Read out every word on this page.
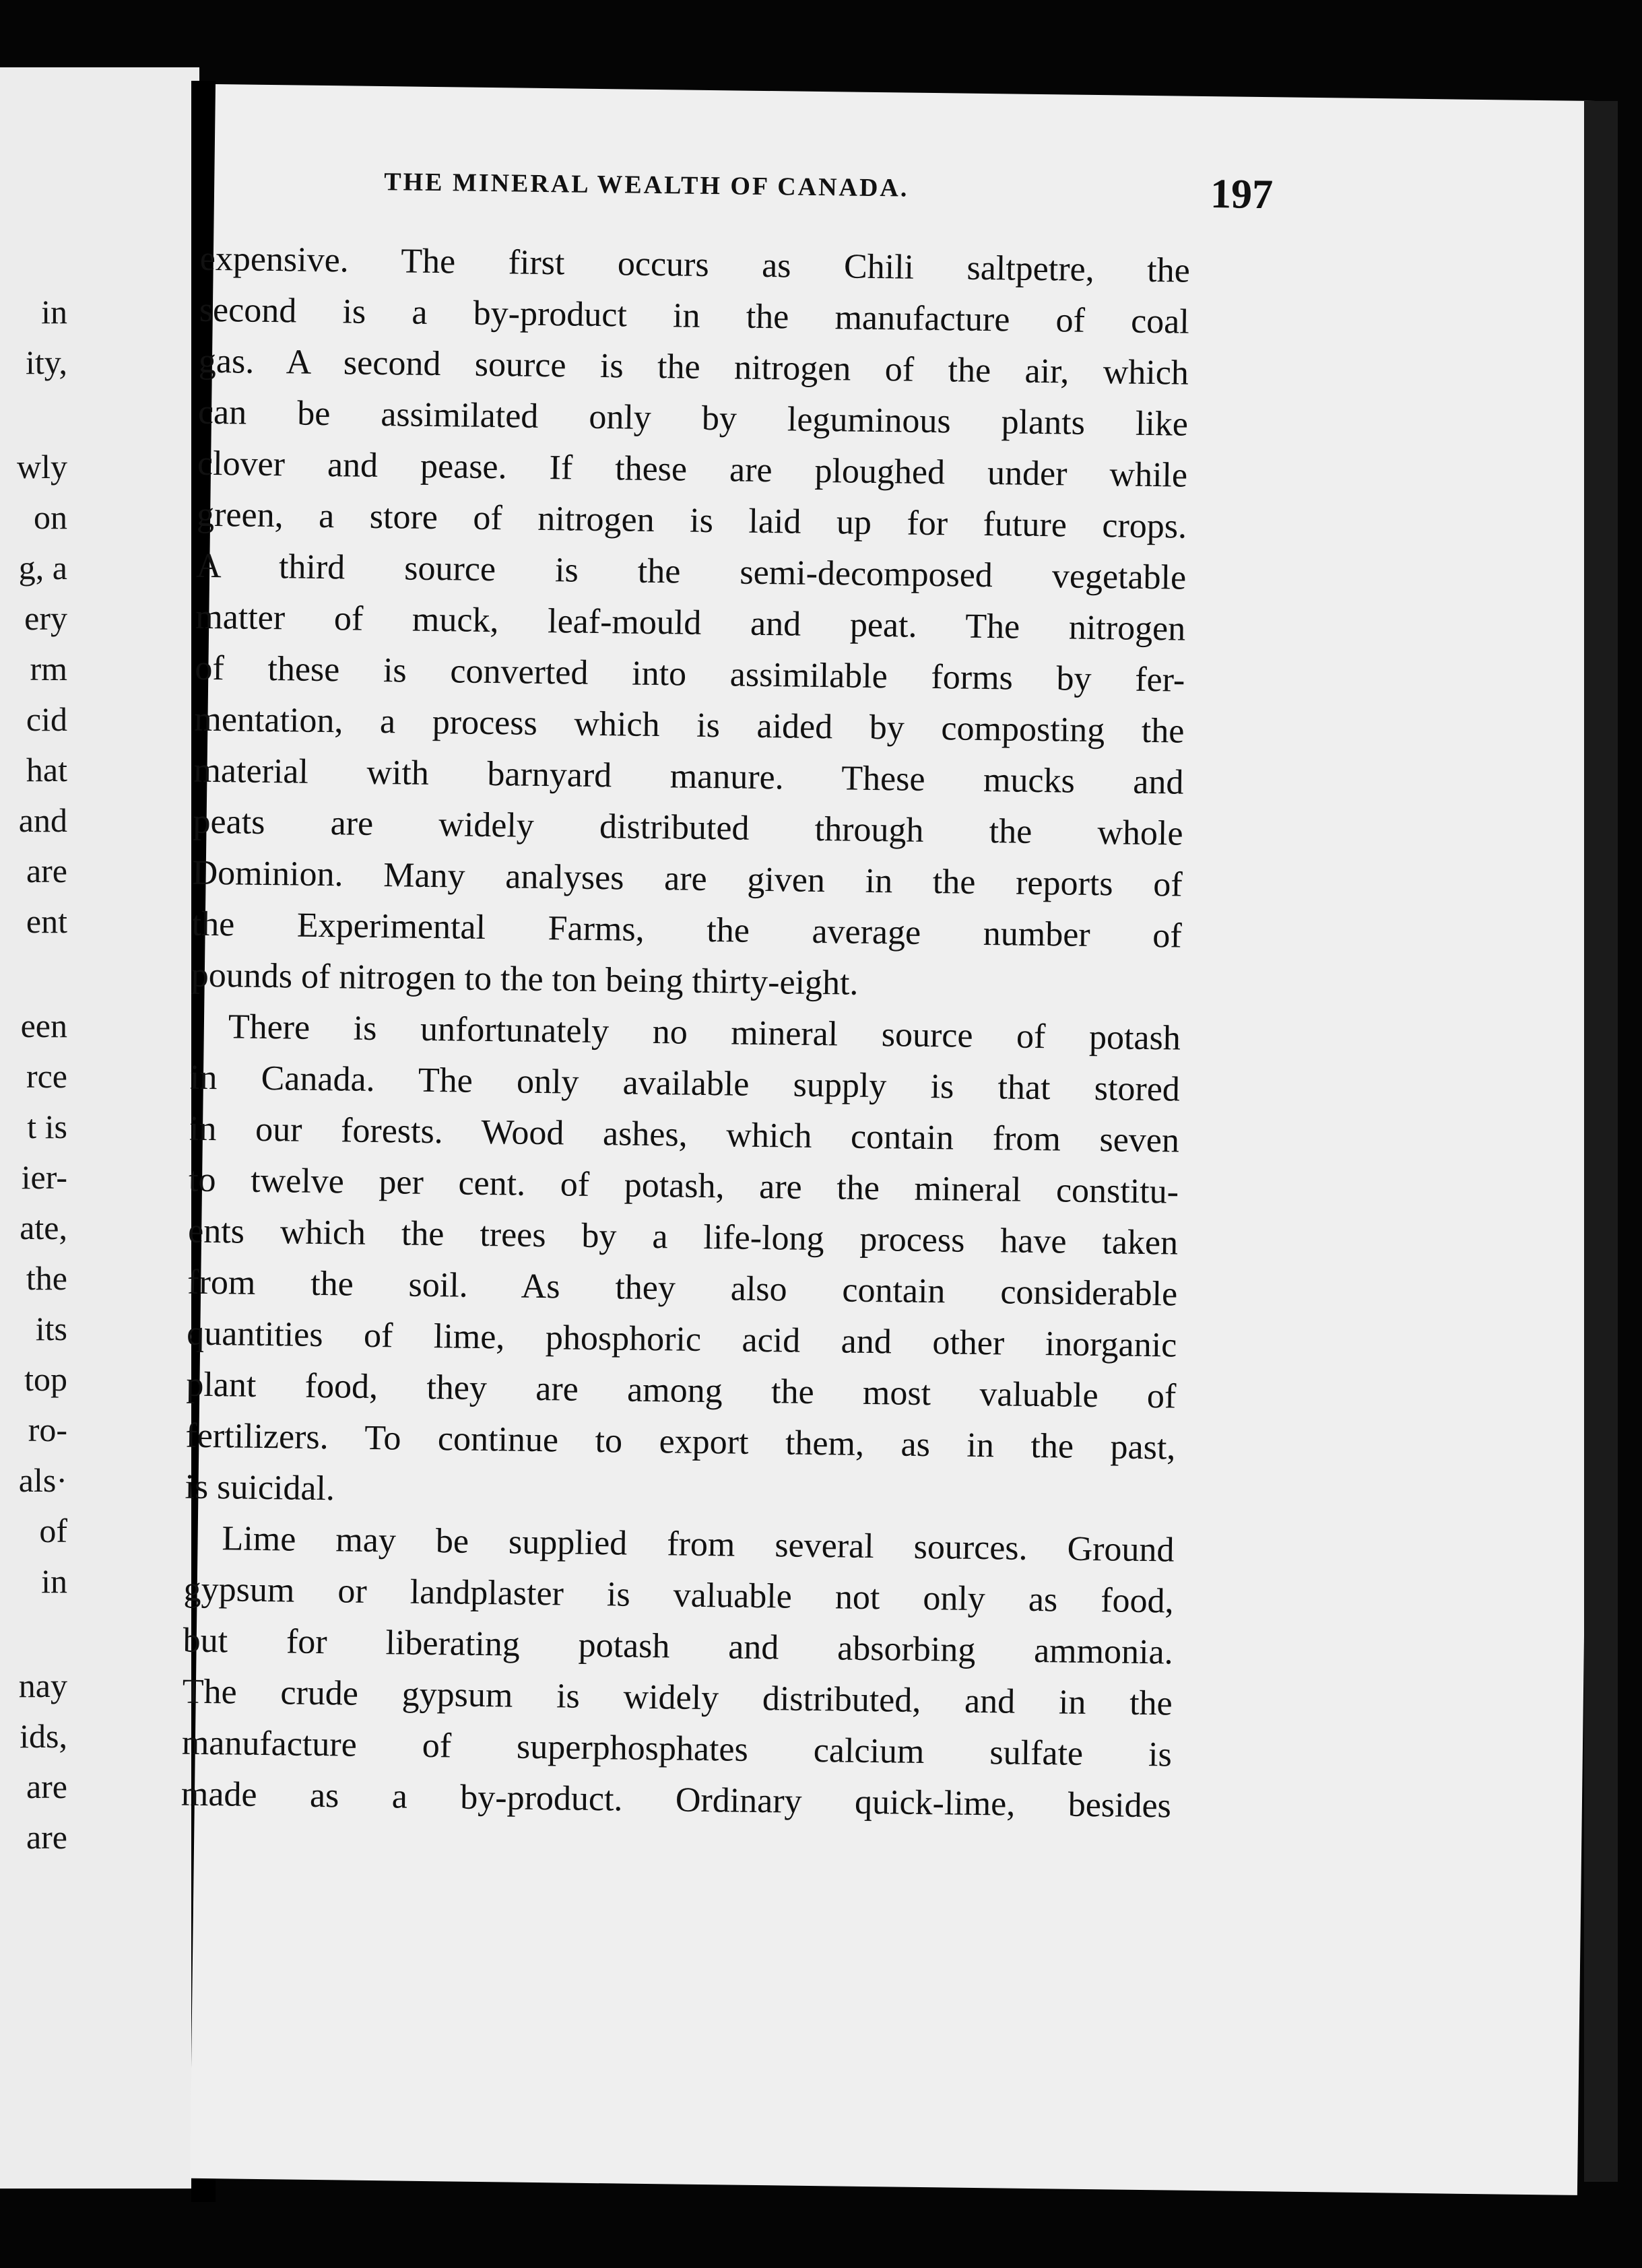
in
ity,
wly
on
g, a
ery
rm
cid
hat
and
are
ent
een
rce
t is
ier-
ate,
the
its
top
ro-
als·
of
in
nay
ids,
are
are
THE MINERAL WEALTH OF CANADA.	197
expensive. The first occurs as Chili saltpetre, the
second is a by-product in the manufacture of coal
gas. A second source is the nitrogen of the air, which
can be assimilated only by leguminous plants like
clover and pease. If these are ploughed under while
green, a store of nitrogen is laid up for future crops.
A third source is the semi-decomposed vegetable
matter of muck, leaf-mould and peat. The nitrogen
of these is converted into assimilable forms by fer-
mentation, a process which is aided by composting the
material with barnyard manure. These mucks and
peats are widely distributed through the whole
Dominion. Many analyses are given in the reports of
the Experimental Farms, the average number of
pounds of nitrogen to the ton being thirty-eight.
There is unfortunately no mineral source of potash
in Canada. The only available supply is that stored
in our forests. Wood ashes, which contain from seven
to twelve per cent. of potash, are the mineral constitu-
ents which the trees by a life-long process have taken
from the soil. As they also contain considerable
quantities of lime, phosphoric acid and other inorganic
plant food, they are among the most valuable of
fertilizers. To continue to export them, as in the past,
is suicidal.
Lime may be supplied from several sources. Ground
gypsum or landplaster is valuable not only as food,
but for liberating potash and absorbing ammonia.
The crude gypsum is widely distributed, and in the
manufacture of superphosphates calcium sulfate is
made as a by-product. Ordinary quick-lime, besides
